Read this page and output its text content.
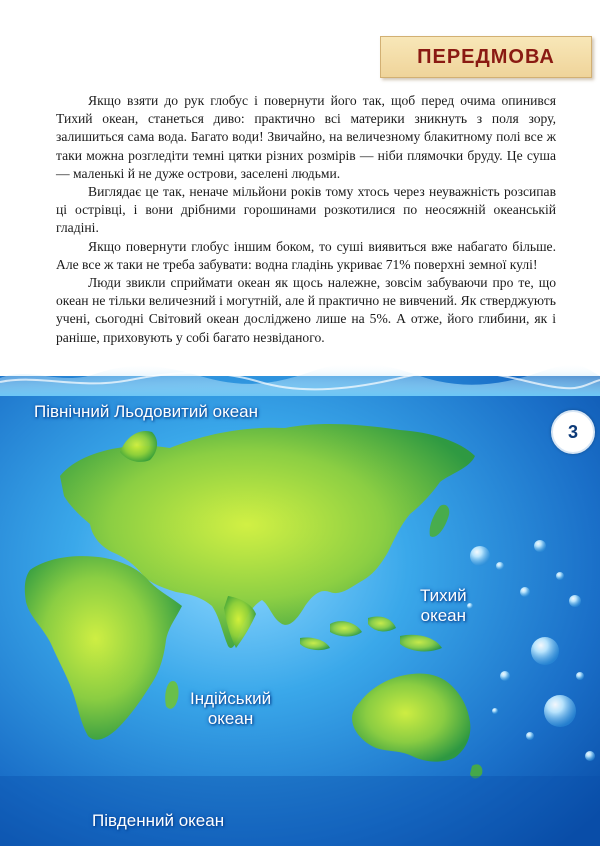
ПЕРЕДМОВА

Якщо взяти до рук глобус і повернути його так, щоб перед очима опинився Тихий океан, станеться диво: практично всі материки зникнуть з поля зору, залишиться сама вода. Багато води! Звичайно, на величезному блакитному полі все ж таки можна розгледіти темні цятки різних розмірів — ніби плямочки бруду. Це суша — маленькі й не дуже острови, заселені людьми.

Виглядає це так, неначе мільйони років тому хтось через неуважність розсипав ці острівці, і вони дрібними горошинами розкотилися по неосяжній океанській гладіні.

Якщо повернути глобус іншим боком, то суші виявиться вже набагато більше. Але все ж таки не треба забувати: водна гладінь укриває 71% поверхні земної кулі!

Люди звикли сприймати океан як щось належне, зовсім забуваючи про те, що океан не тільки величезний і могутній, але й практично не вивчений. Як стверджують учені, сьогодні Світовий океан досліджено лише на 5%. А отже, його глибини, як і раніше, приховують у собі багато незвіданого.

Північний Льодовитий океан
Тихий
океан
Індійський
океан
Південний океан
3
